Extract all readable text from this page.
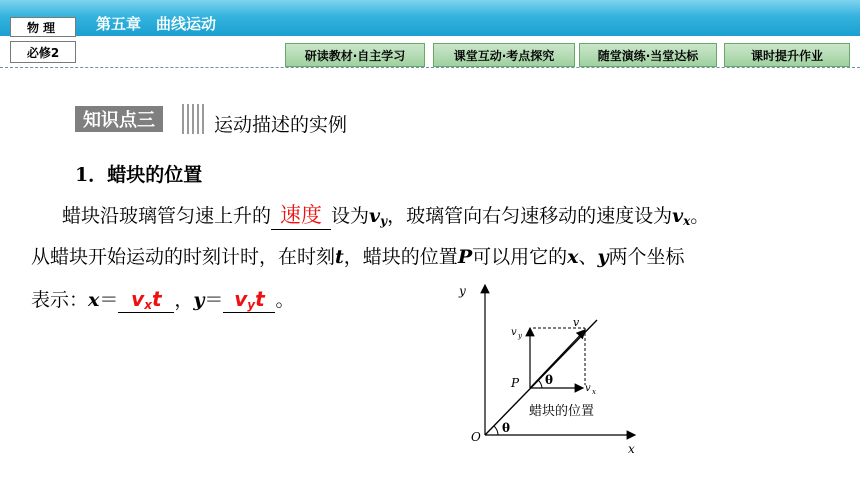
物理	第五章　曲线运动
必修2	研读教材·自主学习	课堂互动·考点探究	随堂演练·当堂达标	课时提升作业
知识点三	运动描述的实例
1．蜡块的位置
蜡块沿玻璃管匀速上升的 速度 设为$v_y$，玻璃管向右匀速移动的速度设为$v_x$。
从蜡块开始运动的时刻计时，在时刻t，蜡块的位置P可以用它的x、y两个坐标
表示：$x= v_xt$ ，$y= v_yt$ 。	y
x
O
P
v
v y
v x
θ
θ
蜡块的位置
